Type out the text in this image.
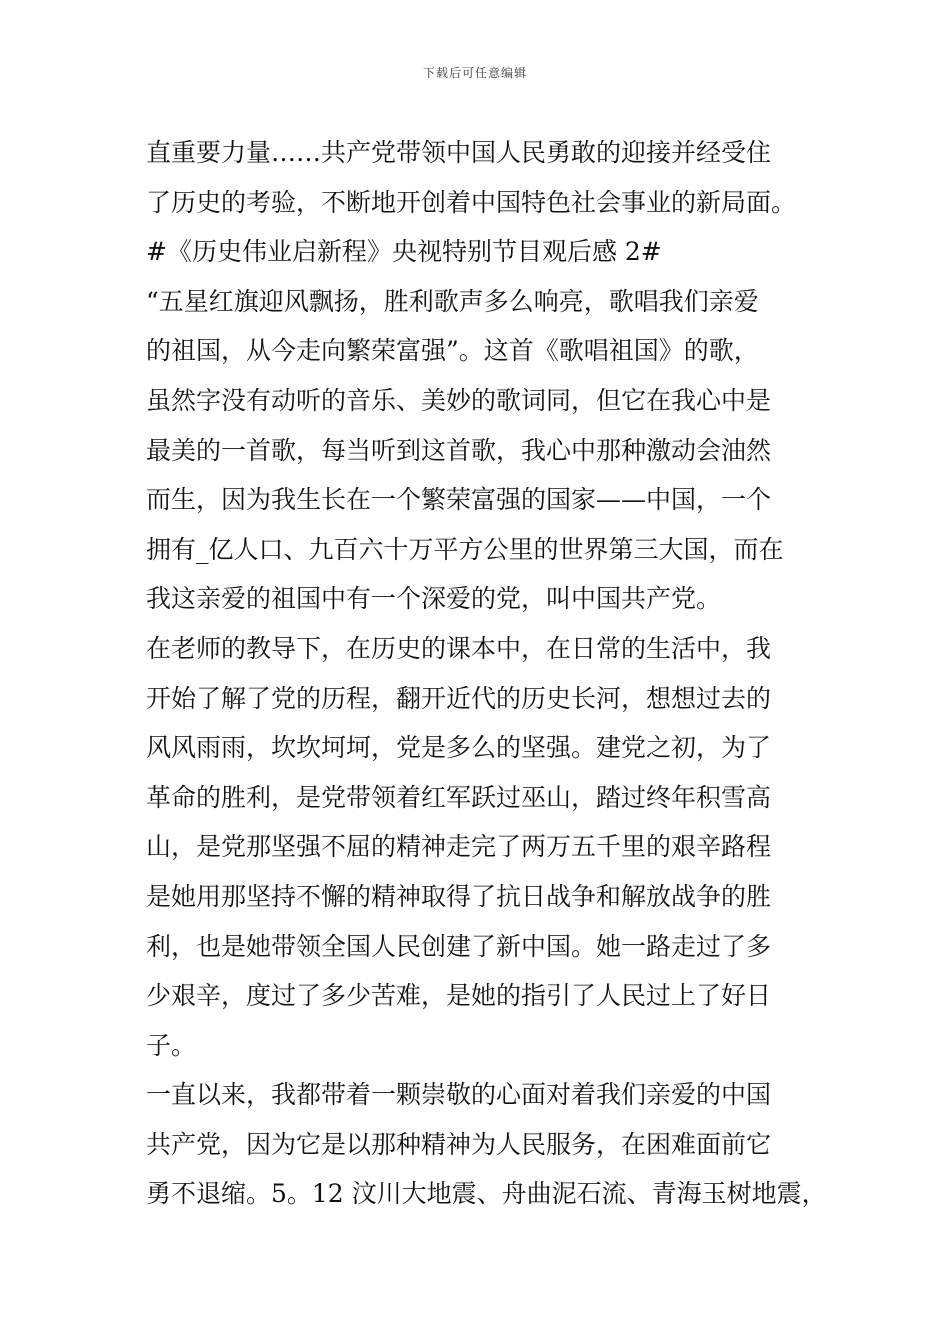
下载后可任意编辑
直重要力量……共产党带领中国人民勇敢的迎接并经受住
了历史的考验，不断地开创着中国特色社会事业的新局面。
#《历史伟业启新程》央视特别节目观后感 2#
“五星红旗迎风飘扬，胜利歌声多么响亮，歌唱我们亲爱
的祖国，从今走向繁荣富强”。这首《歌唱祖国》的歌，
虽然字没有动听的音乐、美妙的歌词同，但它在我心中是
最美的一首歌，每当听到这首歌，我心中那种激动会油然
而生，因为我生长在一个繁荣富强的国家——中国，一个
拥有_亿人口、九百六十万平方公里的世界第三大国，而在
我这亲爱的祖国中有一个深爱的党，叫中国共产党。
在老师的教导下，在历史的课本中，在日常的生活中，我
开始了解了党的历程，翻开近代的历史长河，想想过去的
风风雨雨，坎坎坷坷，党是多么的坚强。建党之初，为了
革命的胜利，是党带领着红军跃过巫山，踏过终年积雪高
山，是党那坚强不屈的精神走完了两万五千里的艰辛路程
是她用那坚持不懈的精神取得了抗日战争和解放战争的胜
利，也是她带领全国人民创建了新中国。她一路走过了多
少艰辛，度过了多少苦难，是她的指引了人民过上了好日
子。
一直以来，我都带着一颗崇敬的心面对着我们亲爱的中国
共产党，因为它是以那种精神为人民服务，在困难面前它
勇不退缩。5。12 汶川大地震、舟曲泥石流、青海玉树地震，
